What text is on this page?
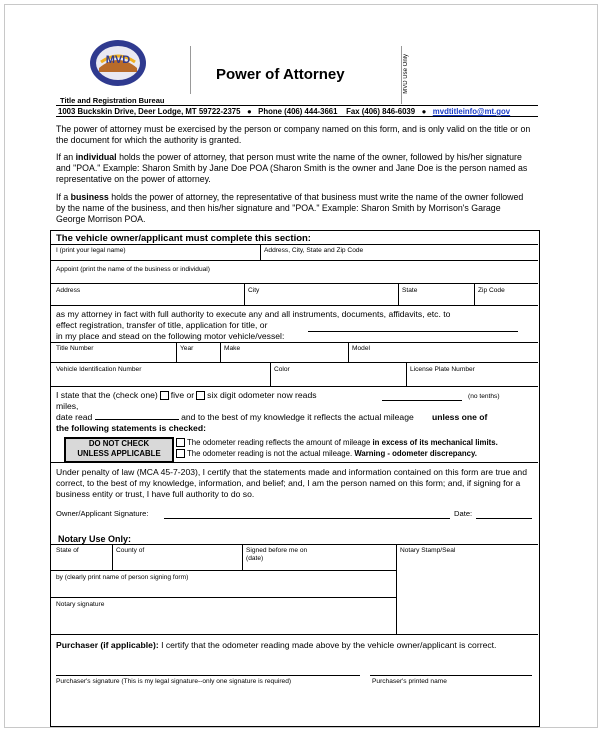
MVD
Power of Attorney	MVD Use Only
Title and Registration Bureau
1003 Buckskin Drive, Deer Lodge, MT 59722-2375   ●   Phone (406) 444-3661 Fax (406) 846-6039   ●   mvdtitleinfo@mt.gov
The power of attorney must be exercised by the person or company named on this form, and is only valid on the title or on the document for which the authority is granted.
If an individual holds the power of attorney, that person must write the name of the owner, followed by his/her signature and "POA." Example: Sharon Smith by Jane Doe POA (Sharon Smith is the owner and Jane Doe is the person named as representative on the power of attorney.
If a business holds the power of attorney, the representative of that business must write the name of the owner followed by the name of the business, and then his/her signature and "POA." Example: Sharon Smith by Morrison's Garage George Morrison POA.
The vehicle owner/applicant must complete this section:
I (print your legal name)	Address, City, State and Zip Code
Appoint (print the name of the business or individual)
Address	City	State	Zip Code
as my attorney in fact with full authority to execute any and all instruments, documents, affidavits, etc. to
effect registration, transfer of title, application for title, or
in my place and stead on the following motor vehicle/vessel:
Title Number	Year	Make	Model
Vehicle Identification Number	Color	License Plate Number
I state that the (check one) five or six digit odometer now reads	(no tenths)
miles,
date read	and to the best of my knowledge it reflects the actual mileage
the following statements is checked:
unless one of
DO NOT CHECK
UNLESS APPLICABLE
The odometer reading reflects the amount of mileage in excess of its mechanical limits.
The odometer reading is not the actual mileage. Warning - odometer discrepancy.
Under penalty of law (MCA 45-7-203), I certify that the statements made and information contained on this form are true and correct, to the best of my knowledge, information, and belief; and, I am the person named on this form; and, if signing for a business entity or trust, I have full authority to do so.
Owner/Applicant Signature:	Date:
Notary Use Only:
State of	County of	Signed before me on
(date)
Notary Stamp/Seal
by (clearly print name of person signing form)
Notary signature
Purchaser (if applicable): I certify that the odometer reading made above by the vehicle owner/applicant is correct.
Purchaser's signature (This is my legal signature--only one signature is required)	Purchaser's printed name
